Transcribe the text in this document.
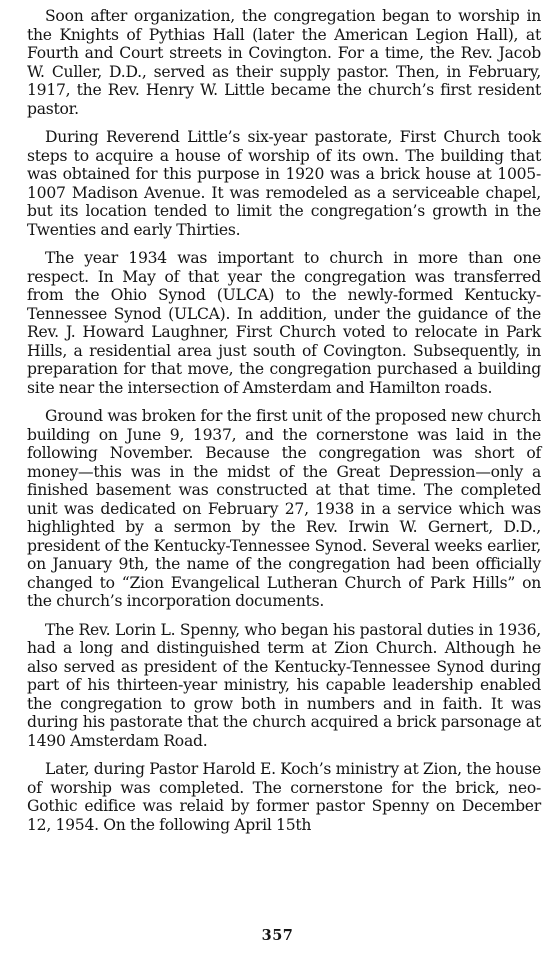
Soon after organization, the congregation began to worship in the Knights of Pythias Hall (later the American Legion Hall), at Fourth and Court streets in Covington. For a time, the Rev. Jacob W. Culler, D.D., served as their supply pastor. Then, in February, 1917, the Rev. Henry W. Little became the church’s first resident pastor.

During Reverend Little’s six-year pastorate, First Church took steps to acquire a house of worship of its own. The building that was obtained for this purpose in 1920 was a brick house at 1005-1007 Madison Avenue. It was remodeled as a serviceable chapel, but its location tended to limit the congregation’s growth in the Twenties and early Thirties.

The year 1934 was important to church in more than one respect. In May of that year the congregation was transferred from the Ohio Synod (ULCA) to the newly-formed Kentucky-Tennessee Synod (ULCA). In addition, under the guidance of the Rev. J. Howard Laughner, First Church voted to relocate in Park Hills, a residential area just south of Covington. Subsequently, in preparation for that move, the congregation purchased a building site near the intersection of Amsterdam and Hamilton roads.

Ground was broken for the first unit of the proposed new church building on June 9, 1937, and the cornerstone was laid in the following November. Because the congregation was short of money—this was in the midst of the Great Depression—only a finished basement was constructed at that time. The completed unit was dedicated on February 27, 1938 in a service which was highlighted by a sermon by the Rev. Irwin W. Gernert, D.D., president of the Kentucky-Tennessee Synod. Several weeks earlier, on January 9th, the name of the congregation had been officially changed to “Zion Evangelical Lutheran Church of Park Hills” on the church’s incorporation documents.

The Rev. Lorin L. Spenny, who began his pastoral duties in 1936, had a long and distinguished term at Zion Church. Although he also served as president of the Kentucky-Tennessee Synod during part of his thirteen-year ministry, his capable leadership enabled the congregation to grow both in numbers and in faith. It was during his pastorate that the church acquired a brick parsonage at 1490 Amsterdam Road.

Later, during Pastor Harold E. Koch’s ministry at Zion, the house of worship was completed. The cornerstone for the brick, neo-Gothic edifice was relaid by former pastor Spenny on December 12, 1954. On the following April 15th

357
